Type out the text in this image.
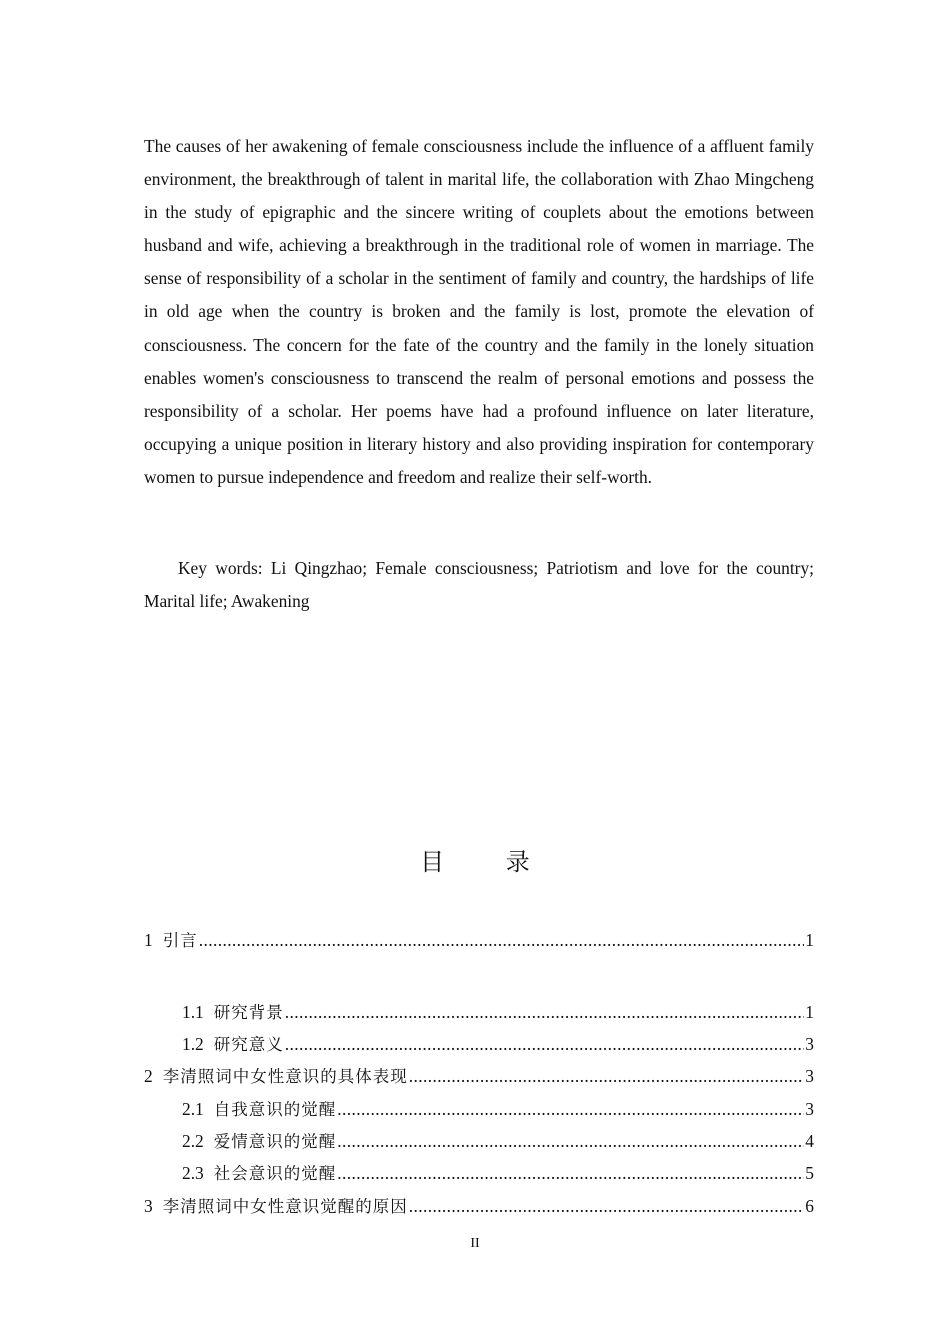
The causes of her awakening of female consciousness include the influence of a affluent family environment, the breakthrough of talent in marital life, the collaboration with Zhao Mingcheng in the study of epigraphic and the sincere writing of couplets about the emotions between husband and wife, achieving a breakthrough in the traditional role of women in marriage. The sense of responsibility of a scholar in the sentiment of family and country, the hardships of life in old age when the country is broken and the family is lost, promote the elevation of consciousness. The concern for the fate of the country and the family in the lonely situation enables women's consciousness to transcend the realm of personal emotions and possess the responsibility of a scholar. Her poems have had a profound influence on later literature, occupying a unique position in literary history and also providing inspiration for contemporary women to pursue independence and freedom and realize their self-worth.

Key words: Li Qingzhao; Female consciousness; Patriotism and love for the country; Marital life; Awakening

目 录
1 引言 .....	1
1.1 研究背景 .....	1
1.2 研究意义 .....	3
2 李清照词中女性意识的具体表现 .....	3
2.1 自我意识的觉醒 .....	3
2.2 爱情意识的觉醒 .....	4
2.3 社会意识的觉醒 .....	5
3 李清照词中女性意识觉醒的原因 .....	6

II
